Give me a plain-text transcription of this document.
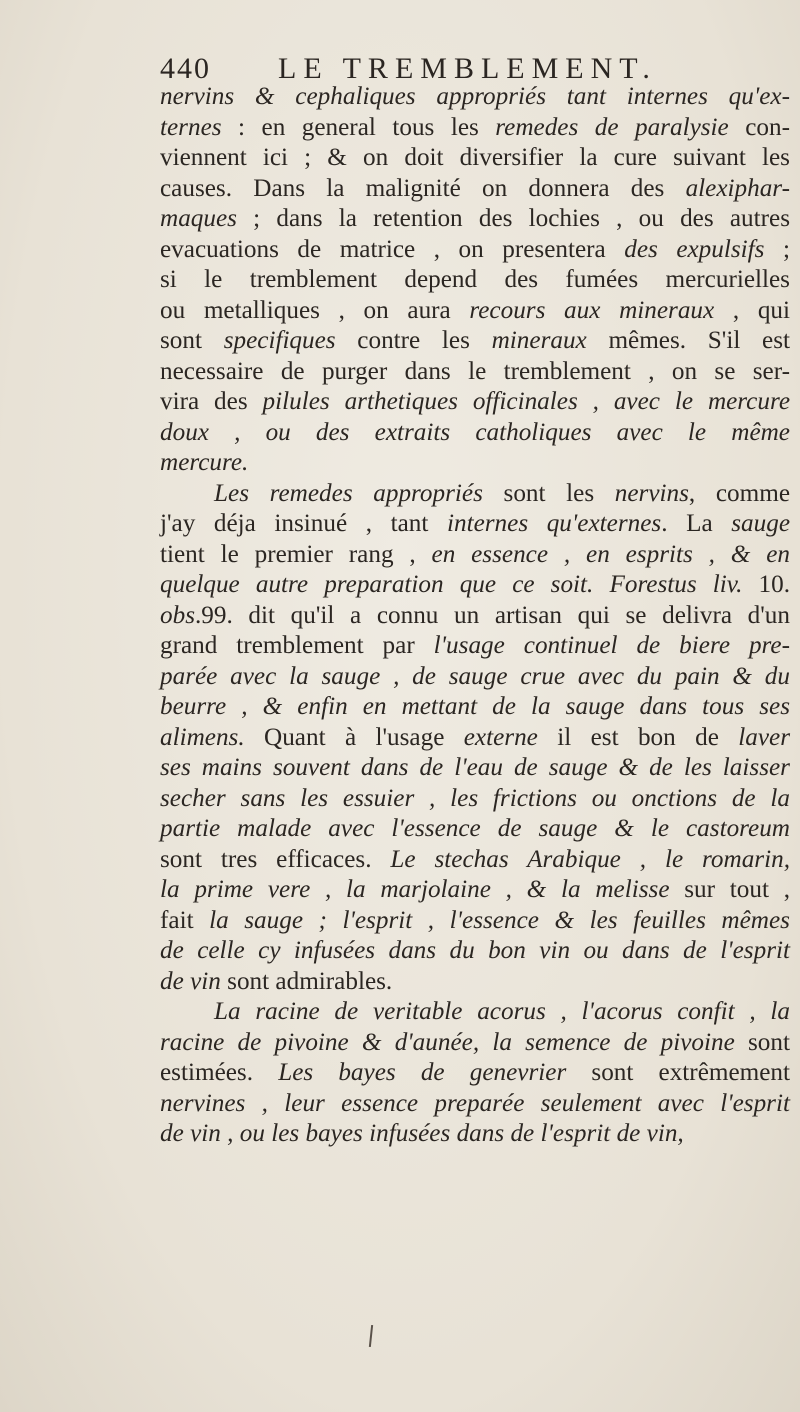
440 LE TREMBLEMENT.
nervins & cephaliques appropriés tant internes qu'ex-
ternes : en general tous les remedes de paralysie con-
viennent ici ; & on doit diversifier la cure suivant les
causes. Dans la malignité on donnera des alexiphar-
maques ; dans la retention des lochies , ou des autres
evacuations de matrice , on presentera des expulsifs ;
si le tremblement depend des fumées mercurielles
ou metalliques , on aura recours aux mineraux , qui
sont specifiques contre les mineraux mêmes. S'il est
necessaire de purger dans le tremblement , on se ser-
vira des pilules arthetiques officinales , avec le mercure
doux , ou des extraits catholiques avec le même
mercure.
Les remedes appropriés sont les nervins, comme
j'ay déja insinué , tant internes qu'externes. La sauge
tient le premier rang , en essence , en esprits , & en
quelque autre preparation que ce soit. Forestus liv. 10.
obs.99. dit qu'il a connu un artisan qui se delivra d'un
grand tremblement par l'usage continuel de biere pre-
parée avec la sauge , de sauge crue avec du pain & du
beurre , & enfin en mettant de la sauge dans tous ses
alimens. Quant à l'usage externe il est bon de laver
ses mains souvent dans de l'eau de sauge & de les laisser
secher sans les essuier , les frictions ou onctions de la
partie malade avec l'essence de sauge & le castoreum
sont tres efficaces. Le stechas Arabique , le romarin,
la prime vere , la marjolaine , & la melisse sur tout ,
fait la sauge ; l'esprit , l'essence & les feuilles mêmes
de celle cy infusées dans du bon vin ou dans de l'esprit
de vin sont admirables.
La racine de veritable acorus , l'acorus confit , la
racine de pivoine & d'aunée, la semence de pivoine sont
estimées. Les bayes de genevrier sont extrêmement
nervines , leur essence preparée seulement avec l'esprit
de vin , ou les bayes infusées dans de l'esprit de vin,
